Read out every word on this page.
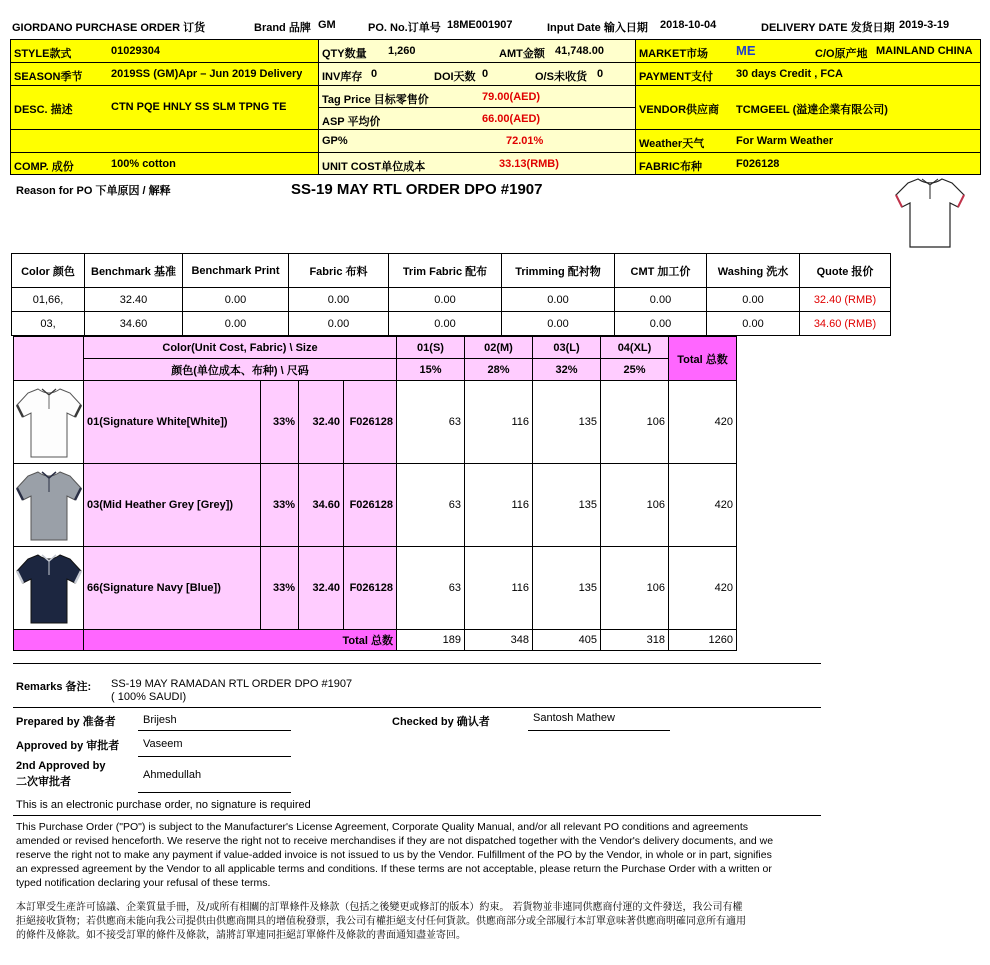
GIORDANO PURCHASE ORDER 订货	Brand 品牌 GM	PO. No.订单号 18ME001907	Input Date 输入日期 2018-10-04	DELIVERY DATE 发货日期 2019-3-19
STYLE款式	01029304
SEASON季节	2019SS (GM)Apr – Jun 2019 Delivery
DESC. 描述	CTN PQE HNLY SS SLM TPNG TE
COMP. 成份	100% cotton
QTY数量 1,260	AMT金额 41,748.00
INV库存 0	DOI天数 0	O/S未收货 0
Tag Price 目标零售价	79.00(AED)
ASP 平均价	66.00(AED)
GP%	72.01%
UNIT COST单位成本	33.13(RMB)
MARKET市场 ME	C/O原产地 MAINLAND CHINA
PAYMENT支付 30 days Credit , FCA
VENDOR供应商 TCMGEEL (溢達企業有限公司)
Weather天气	For Warm Weather
FABRIC布种	F026128
Reason for PO 下单原因 / 解释	SS-19 MAY RTL ORDER DPO #1907
Color 颜色	Benchmark 基准	Benchmark Print	Fabric 布料	Trim Fabric 配布	Trimming 配衬物	CMT 加工价	Washing 洗水	Quote 报价
01,66,	32.40	0.00	0.00	0.00	0.00	0.00	0.00	32.40 (RMB)
03,	34.60	0.00	0.00	0.00	0.00	0.00	0.00	34.60 (RMB)
	Color(Unit Cost, Fabric) \ Size				01(S)	02(M)	03(L)	04(XL)	Total 总数
	颜色(单位成本、布种) \ 尺码				15%	28%	32%	25%	

	01(Signature White[White])	33%	32.40	F026128	63	116	135	106	420

	03(Mid Heather Grey [Grey])	33%	34.60	F026128	63	116	135	106	420

	66(Signature Navy [Blue])	33%	32.40	F026128	63	116	135	106	420
	Total 总数				189	348	405	318	1260
Remarks 备注: SS-19 MAY RAMADAN RTL ORDER DPO #1907
( 100% SAUDI)
Prepared by 准备者 Brijesh	Checked by 确认者	Santosh Mathew
Approved by 审批者 Vaseem
2nd Approved by
二次审批者
Ahmedullah
This is an electronic purchase order, no signature is required
This Purchase Order ("PO") is subject to the Manufacturer's License Agreement, Corporate Quality Manual, and/or all relevant PO conditions and agreements
amended or revised henceforth. We reserve the right not to receive merchandises if they are not dispatched together with the Vendor's delivery documents, and we
reserve the right not to make any payment if value-added invoice is not issued to us by the Vendor. Fulfillment of the PO by the Vendor, in whole or in part, signifies
an expressed agreement by the Vendor to all applicable terms and conditions. If these terms are not acceptable, please return the Purchase Order with a written or
typed notification declaring your refusal of these terms.
本訂單受生產許可協議、企業質量手冊，及/或所有相關的訂單條件及條款（包括之後變更或修訂的版本）約束。 若貨物並非連同供應商付運的文件發送，我公司有權
拒絕接收貨物；若供應商未能向我公司提供由供應商開具的增值稅發票，我公司有權拒絕支付任何貨款。供應商部分或全部履行本訂單意味著供應商明確同意所有適用
的條件及條款。如不接受訂單的條件及條款，請將訂單連同拒絕訂單條件及條款的書面通知盡並寄回。
